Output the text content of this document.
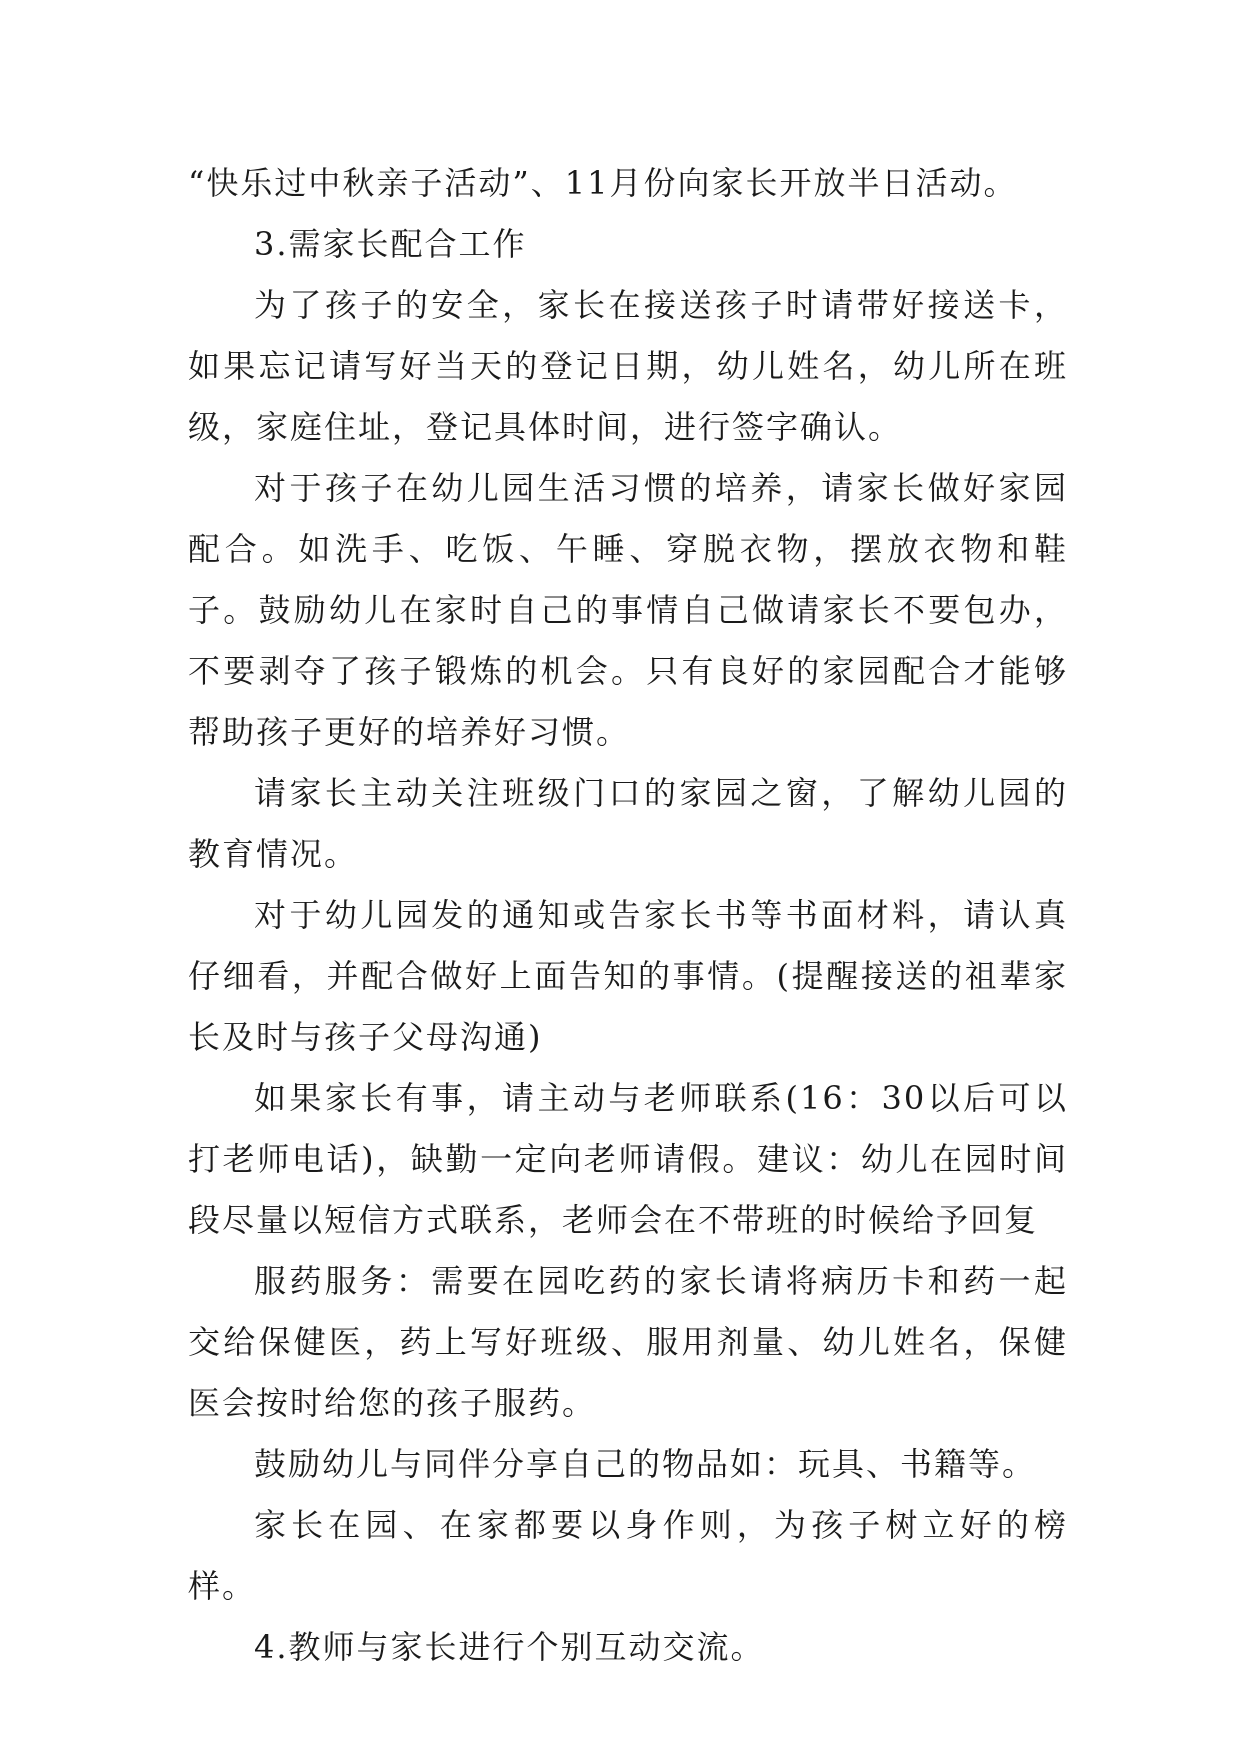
“快乐过中秋亲子活动”、11月份向家长开放半日活动。

3.需家长配合工作

为了孩子的安全，家长在接送孩子时请带好接送卡，如果忘记请写好当天的登记日期，幼儿姓名，幼儿所在班级，家庭住址，登记具体时间，进行签字确认。

对于孩子在幼儿园生活习惯的培养，请家长做好家园配合。如洗手、吃饭、午睡、穿脱衣物，摆放衣物和鞋子。鼓励幼儿在家时自己的事情自己做请家长不要包办，不要剥夺了孩子锻炼的机会。只有良好的家园配合才能够帮助孩子更好的培养好习惯。

请家长主动关注班级门口的家园之窗，了解幼儿园的教育情况。

对于幼儿园发的通知或告家长书等书面材料，请认真仔细看，并配合做好上面告知的事情。(提醒接送的祖辈家长及时与孩子父母沟通)

如果家长有事，请主动与老师联系(16：30以后可以打老师电话)，缺勤一定向老师请假。建议：幼儿在园时间段尽量以短信方式联系，老师会在不带班的时候给予回复

服药服务：需要在园吃药的家长请将病历卡和药一起交给保健医，药上写好班级、服用剂量、幼儿姓名，保健医会按时给您的孩子服药。

鼓励幼儿与同伴分享自己的物品如：玩具、书籍等。

家长在园、在家都要以身作则，为孩子树立好的榜样。

4.教师与家长进行个别互动交流。
